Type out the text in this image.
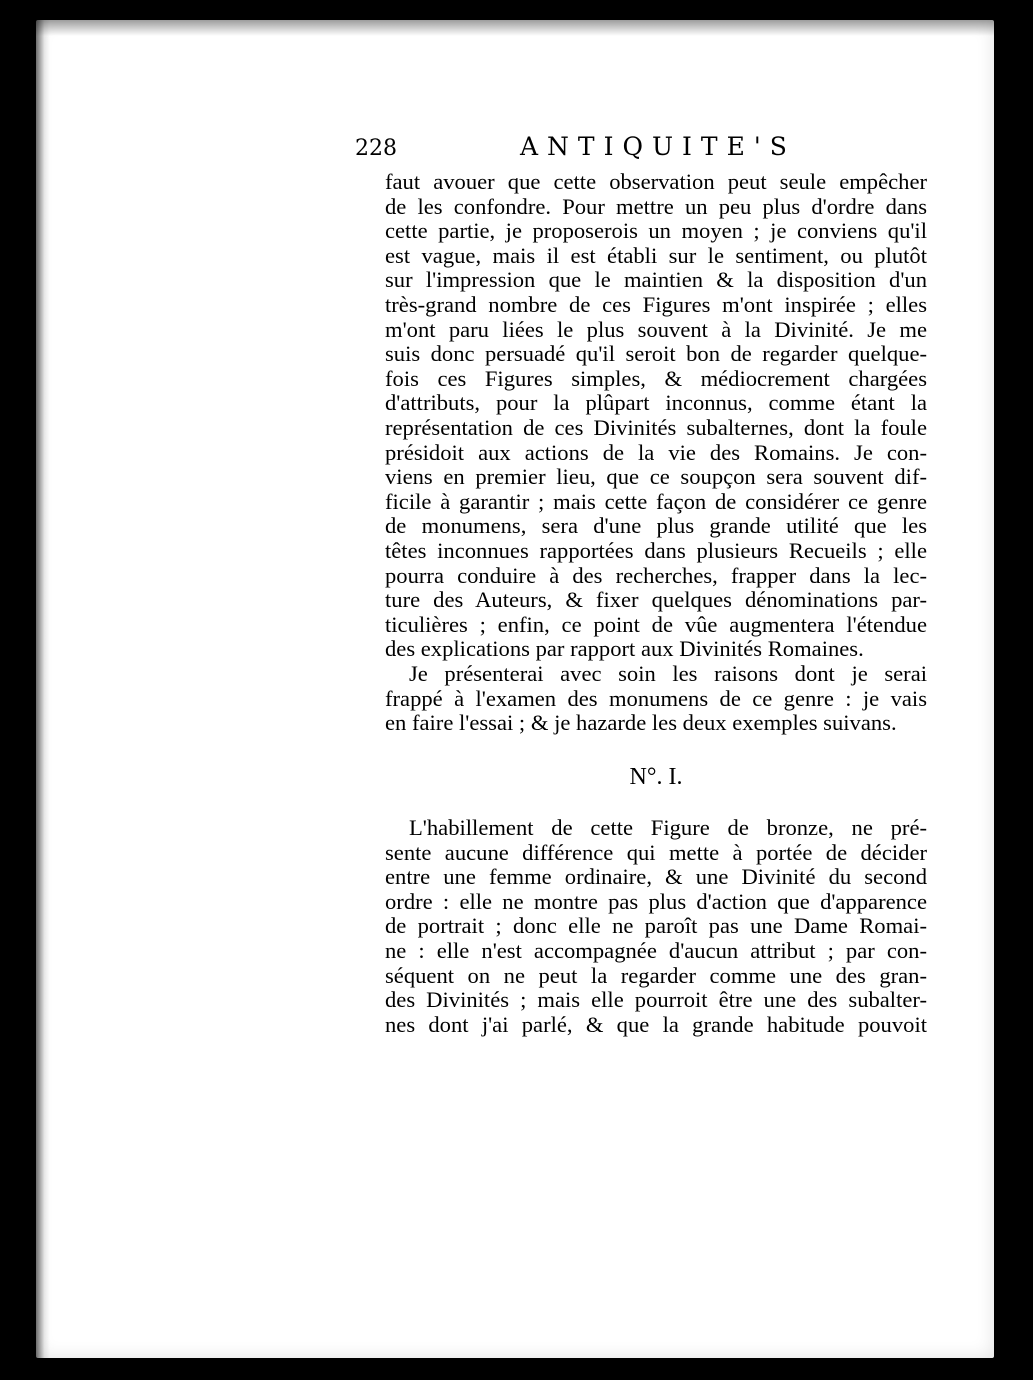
228	ANTIQUITE'S
faut avouer que cette observation peut seule empêcher
de les confondre. Pour mettre un peu plus d'ordre dans
cette partie, je proposerois un moyen ; je conviens qu'il
est vague, mais il est établi sur le sentiment, ou plutôt
sur l'impression que le maintien & la disposition d'un
très-grand nombre de ces Figures m'ont inspirée ; elles
m'ont paru liées le plus souvent à la Divinité. Je me
suis donc persuadé qu'il seroit bon de regarder quelque-
fois ces Figures simples, & médiocrement chargées
d'attributs, pour la plûpart inconnus, comme étant la
représentation de ces Divinités subalternes, dont la foule
présidoit aux actions de la vie des Romains. Je con-
viens en premier lieu, que ce soupçon sera souvent dif-
ficile à garantir ; mais cette façon de considérer ce genre
de monumens, sera d'une plus grande utilité que les
têtes inconnues rapportées dans plusieurs Recueils ; elle
pourra conduire à des recherches, frapper dans la lec-
ture des Auteurs, & fixer quelques dénominations par-
ticulières ; enfin, ce point de vûe augmentera l'étendue
des explications par rapport aux Divinités Romaines.
Je présenterai avec soin les raisons dont je serai
frappé à l'examen des monumens de ce genre : je vais
en faire l'essai ; & je hazarde les deux exemples suivans.
N°. I.
L'habillement de cette Figure de bronze, ne pré-
sente aucune différence qui mette à portée de décider
entre une femme ordinaire, & une Divinité du second
ordre : elle ne montre pas plus d'action que d'apparence
de portrait ; donc elle ne paroît pas une Dame Romai-
ne : elle n'est accompagnée d'aucun attribut ; par con-
séquent on ne peut la regarder comme une des gran-
des Divinités ; mais elle pourroit être une des subalter-
nes dont j'ai parlé, & que la grande habitude pouvoit
